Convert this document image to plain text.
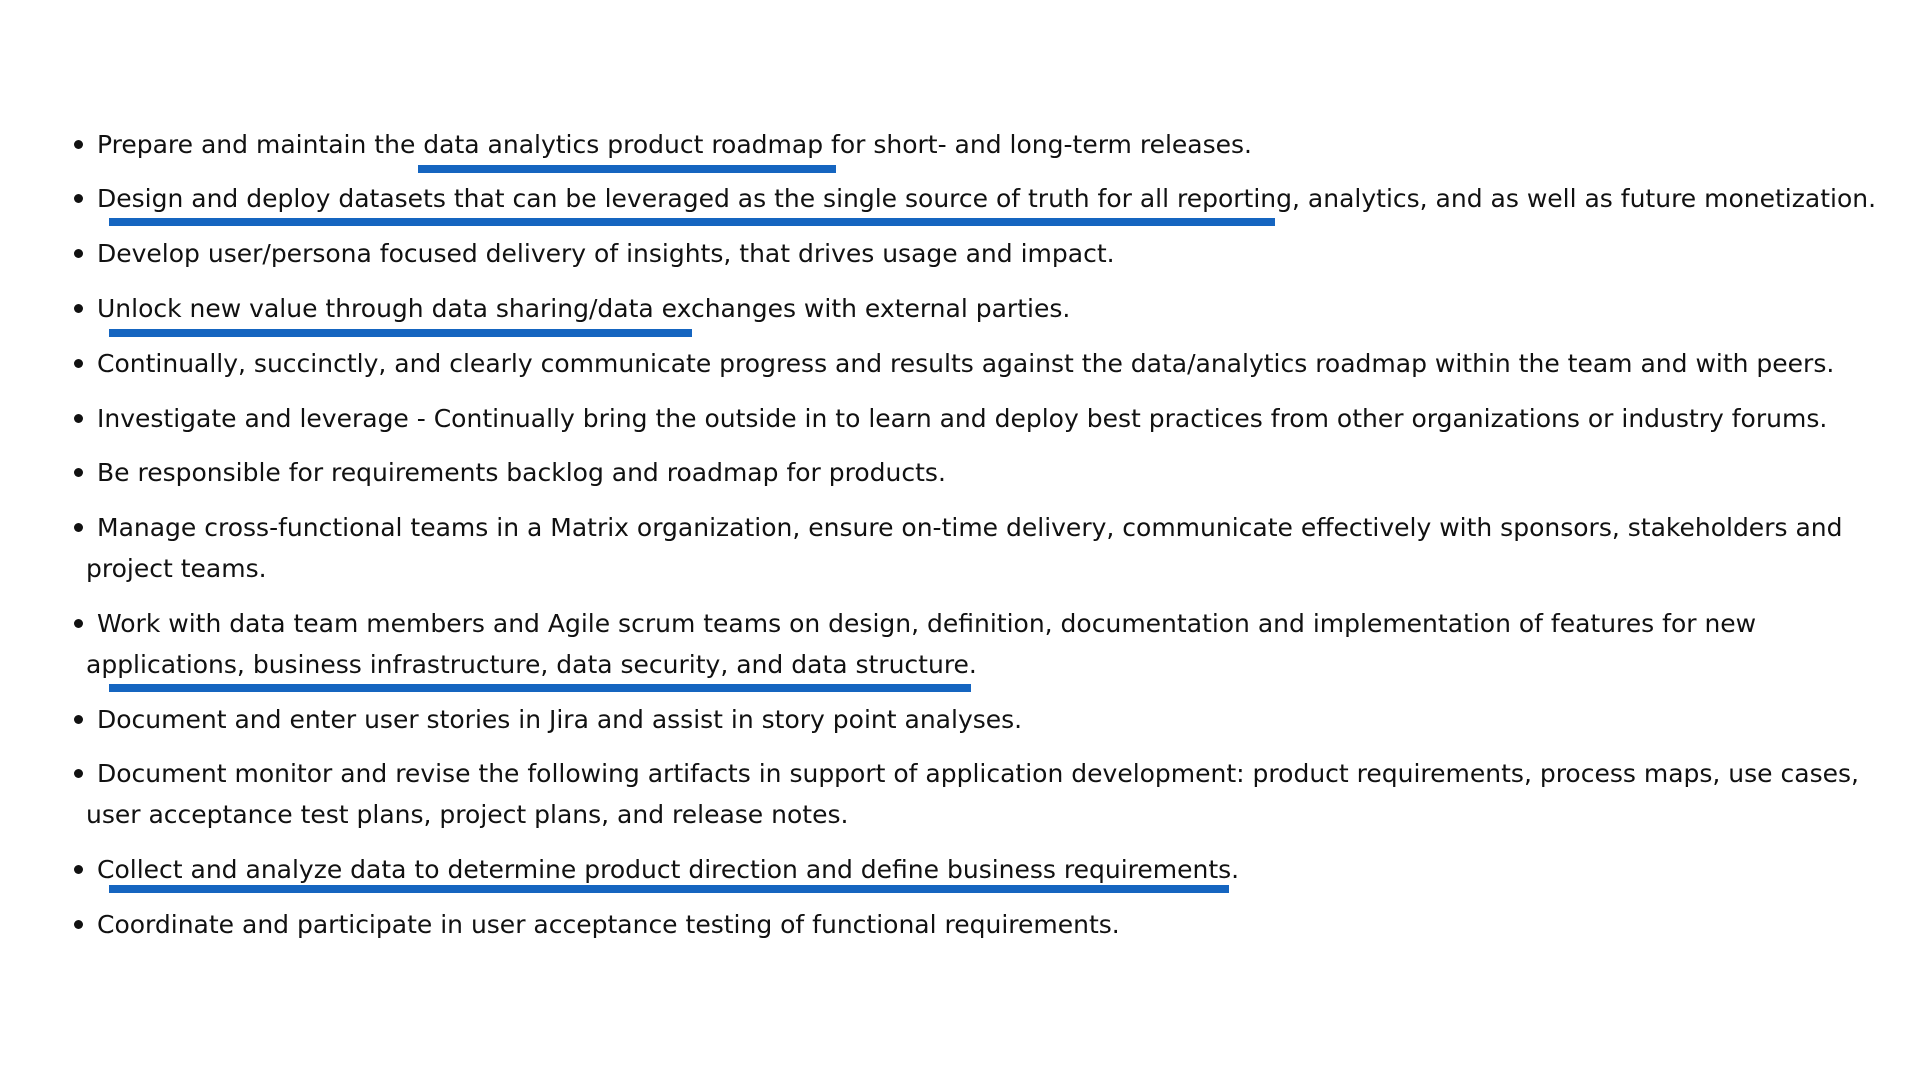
Prepare and maintain the data analytics product roadmap for short- and long-term releases.
Design and deploy datasets that can be leveraged as the single source of truth for all reporting, analytics, and as well as future monetization.
Develop user/persona focused delivery of insights, that drives usage and impact.
Unlock new value through data sharing/data exchanges with external parties.
Continually, succinctly, and clearly communicate progress and results against the data/analytics roadmap within the team and with peers.
Investigate and leverage - Continually bring the outside in to learn and deploy best practices from other organizations or industry forums.
Be responsible for requirements backlog and roadmap for products.
Manage cross-functional teams in a Matrix organization, ensure on-time delivery, communicate effectively with sponsors, stakeholders and
project teams.
Work with data team members and Agile scrum teams on design, definition, documentation and implementation of features for new
applications, business infrastructure, data security, and data structure.
Document and enter user stories in Jira and assist in story point analyses.
Document monitor and revise the following artifacts in support of application development: product requirements, process maps, use cases,
user acceptance test plans, project plans, and release notes.
Collect and analyze data to determine product direction and define business requirements.
Coordinate and participate in user acceptance testing of functional requirements.
